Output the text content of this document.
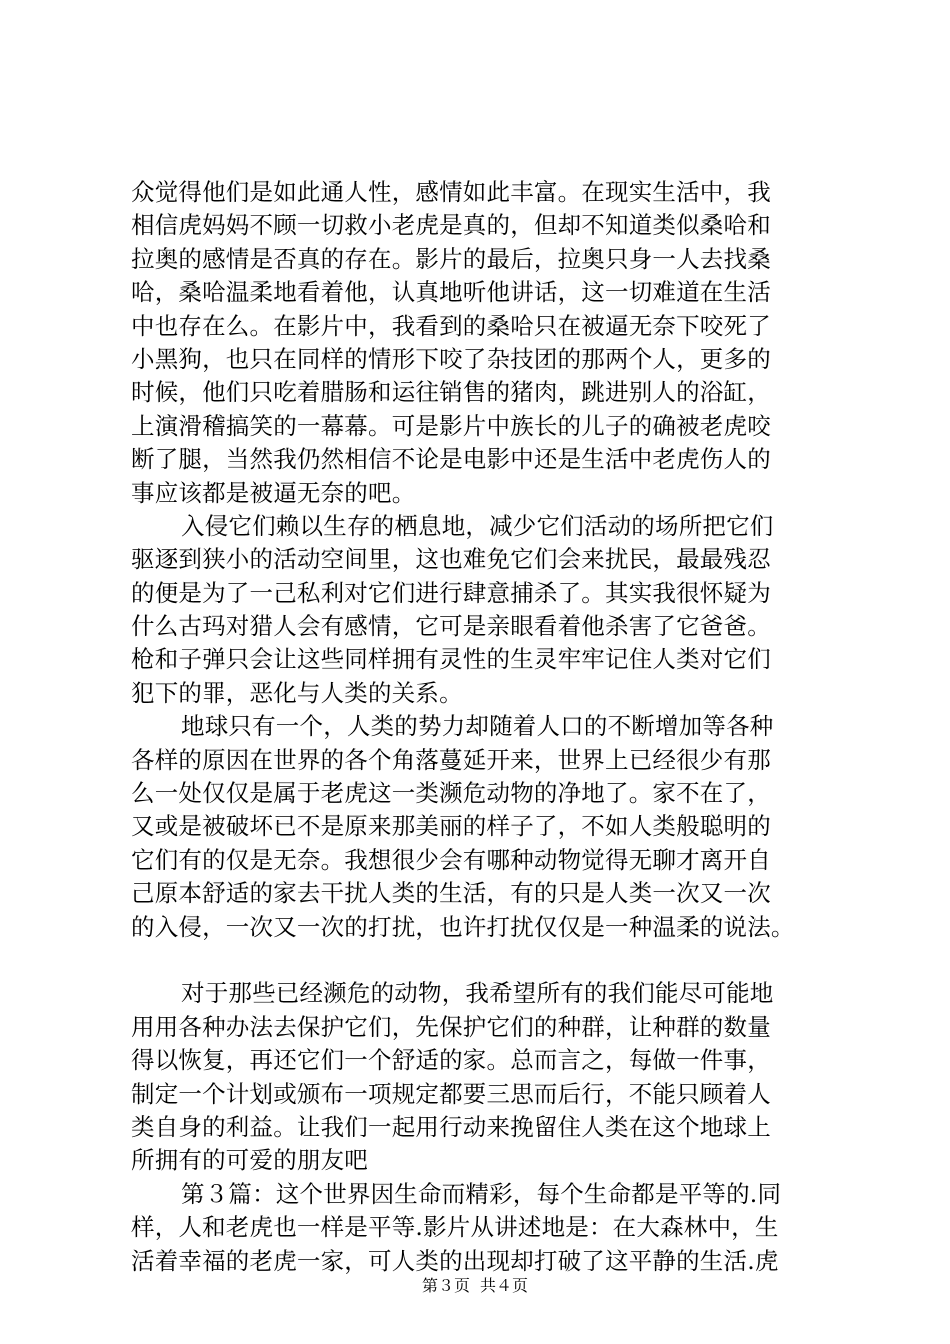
众觉得他们是如此通人性，感情如此丰富。在现实生活中，我
相信虎妈妈不顾一切救小老虎是真的，但却不知道类似桑哈和
拉奥的感情是否真的存在。影片的最后，拉奥只身一人去找桑
哈，桑哈温柔地看着他，认真地听他讲话，这一切难道在生活
中也存在么。在影片中，我看到的桑哈只在被逼无奈下咬死了
小黑狗，也只在同样的情形下咬了杂技团的那两个人，更多的
时候，他们只吃着腊肠和运往销售的猪肉，跳进别人的浴缸，
上演滑稽搞笑的一幕幕。可是影片中族长的儿子的确被老虎咬
断了腿，当然我仍然相信不论是电影中还是生活中老虎伤人的
事应该都是被逼无奈的吧。
入侵它们赖以生存的栖息地，减少它们活动的场所把它们
驱逐到狭小的活动空间里，这也难免它们会来扰民，最最残忍
的便是为了一己私利对它们进行肆意捕杀了。其实我很怀疑为
什么古玛对猎人会有感情，它可是亲眼看着他杀害了它爸爸。
枪和子弹只会让这些同样拥有灵性的生灵牢牢记住人类对它们
犯下的罪，恶化与人类的关系。
地球只有一个，人类的势力却随着人口的不断增加等各种
各样的原因在世界的各个角落蔓延开来，世界上已经很少有那
么一处仅仅是属于老虎这一类濒危动物的净地了。家不在了，
又或是被破坏已不是原来那美丽的样子了，不如人类般聪明的
它们有的仅是无奈。我想很少会有哪种动物觉得无聊才离开自
己原本舒适的家去干扰人类的生活，有的只是人类一次又一次
的入侵，一次又一次的打扰，也许打扰仅仅是一种温柔的说法。
对于那些已经濒危的动物，我希望所有的我们能尽可能地
用用各种办法去保护它们，先保护它们的种群，让种群的数量
得以恢复，再还它们一个舒适的家。总而言之，每做一件事，
制定一个计划或颁布一项规定都要三思而后行，不能只顾着人
类自身的利益。让我们一起用行动来挽留住人类在这个地球上
所拥有的可爱的朋友吧
第３篇：这个世界因生命而精彩，每个生命都是平等的.同
样，人和老虎也一样是平等.影片从讲述地是：在大森林中，生
活着幸福的老虎一家，可人类的出现却打破了这平静的生活.虎
第３页 共４页
